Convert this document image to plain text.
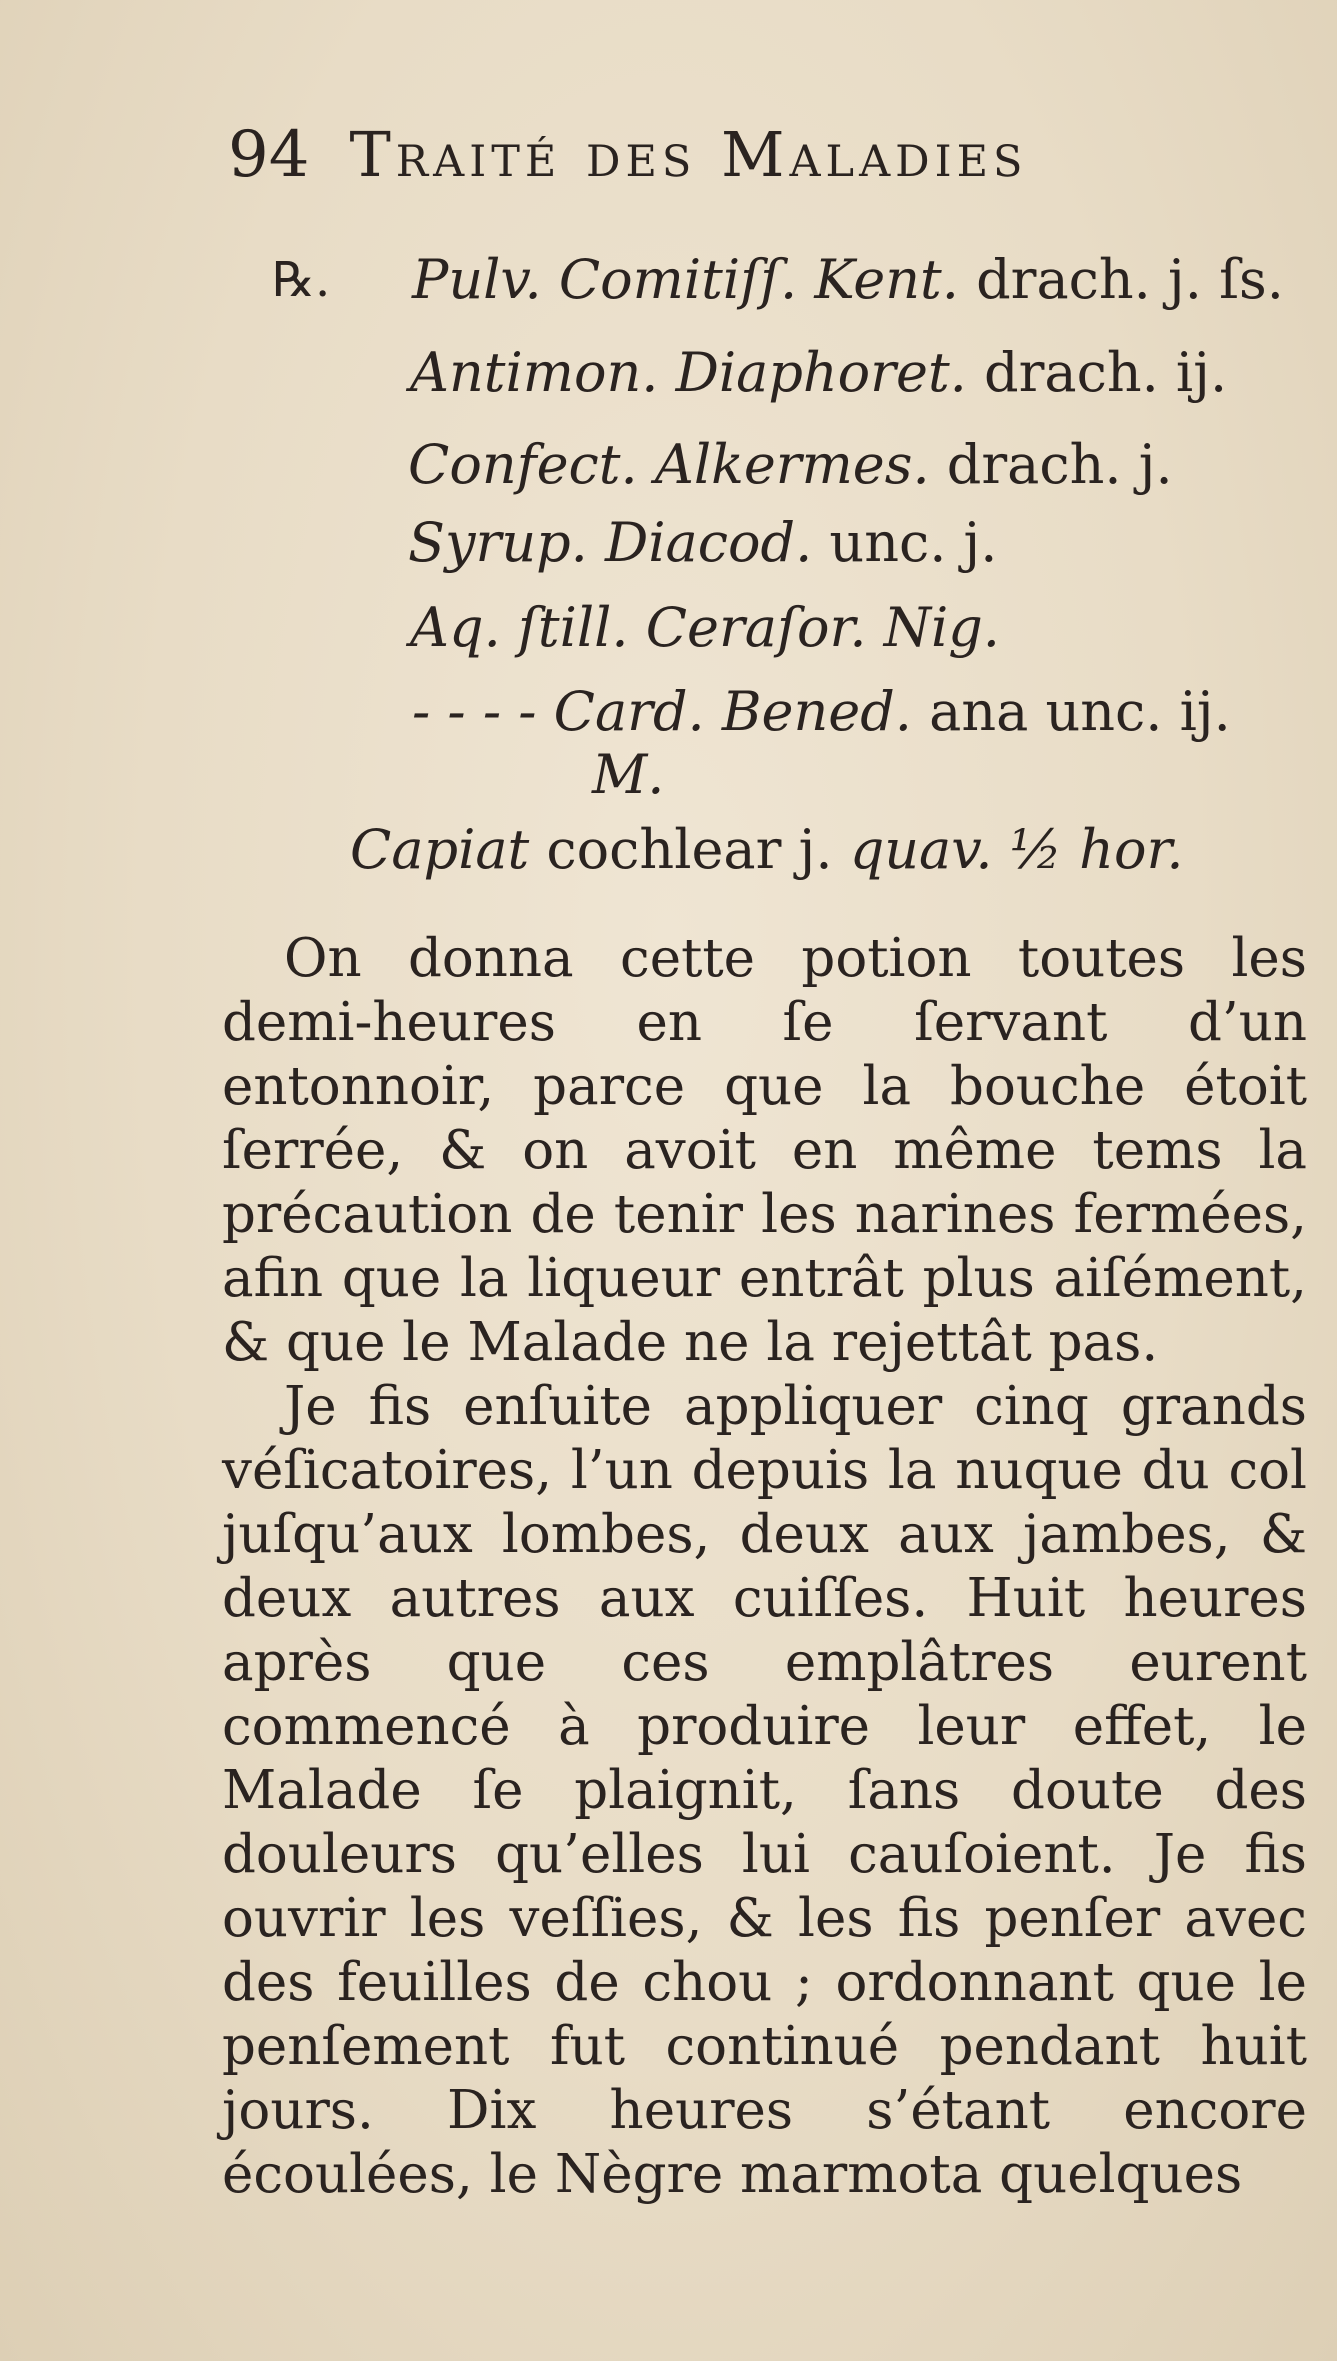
94 Traité des Maladies
℞. Pulv. Comitiſſ. Kent. drach. j. ſs.
Antimon. Diaphoret. drach. ij.
Confect. Alkermes. drach. j.
Syrup. Diacod. unc. j.
Aq. ſtill. Ceraſor. Nig.
- - - - Card. Bened. ana unc. ij.
M.
Capiat cochlear j. quav. ½ hor.

On donna cette potion toutes les demi-heures en ſe ſervant d’un entonnoir, parce que la bouche étoit ſerrée, & on avoit en même tems la précaution de tenir les narines fermées, afin que la liqueur entrât plus aiſément, & que le Malade ne la rejettât pas.

Je fis enſuite appliquer cinq grands véſicatoires, l’un depuis la nuque du col juſqu’aux lombes, deux aux jambes, & deux autres aux cuiſſes. Huit heures après que ces emplâtres eurent commencé à produire leur effet, le Malade ſe plaignit, ſans doute des douleurs qu’elles lui cauſoient. Je fis ouvrir les veſſies, & les fis penſer avec des feuilles de chou ; ordonnant que le penſement fut continué pendant huit jours. Dix heures s’étant encore écoulées, le Nègre marmota quelques
